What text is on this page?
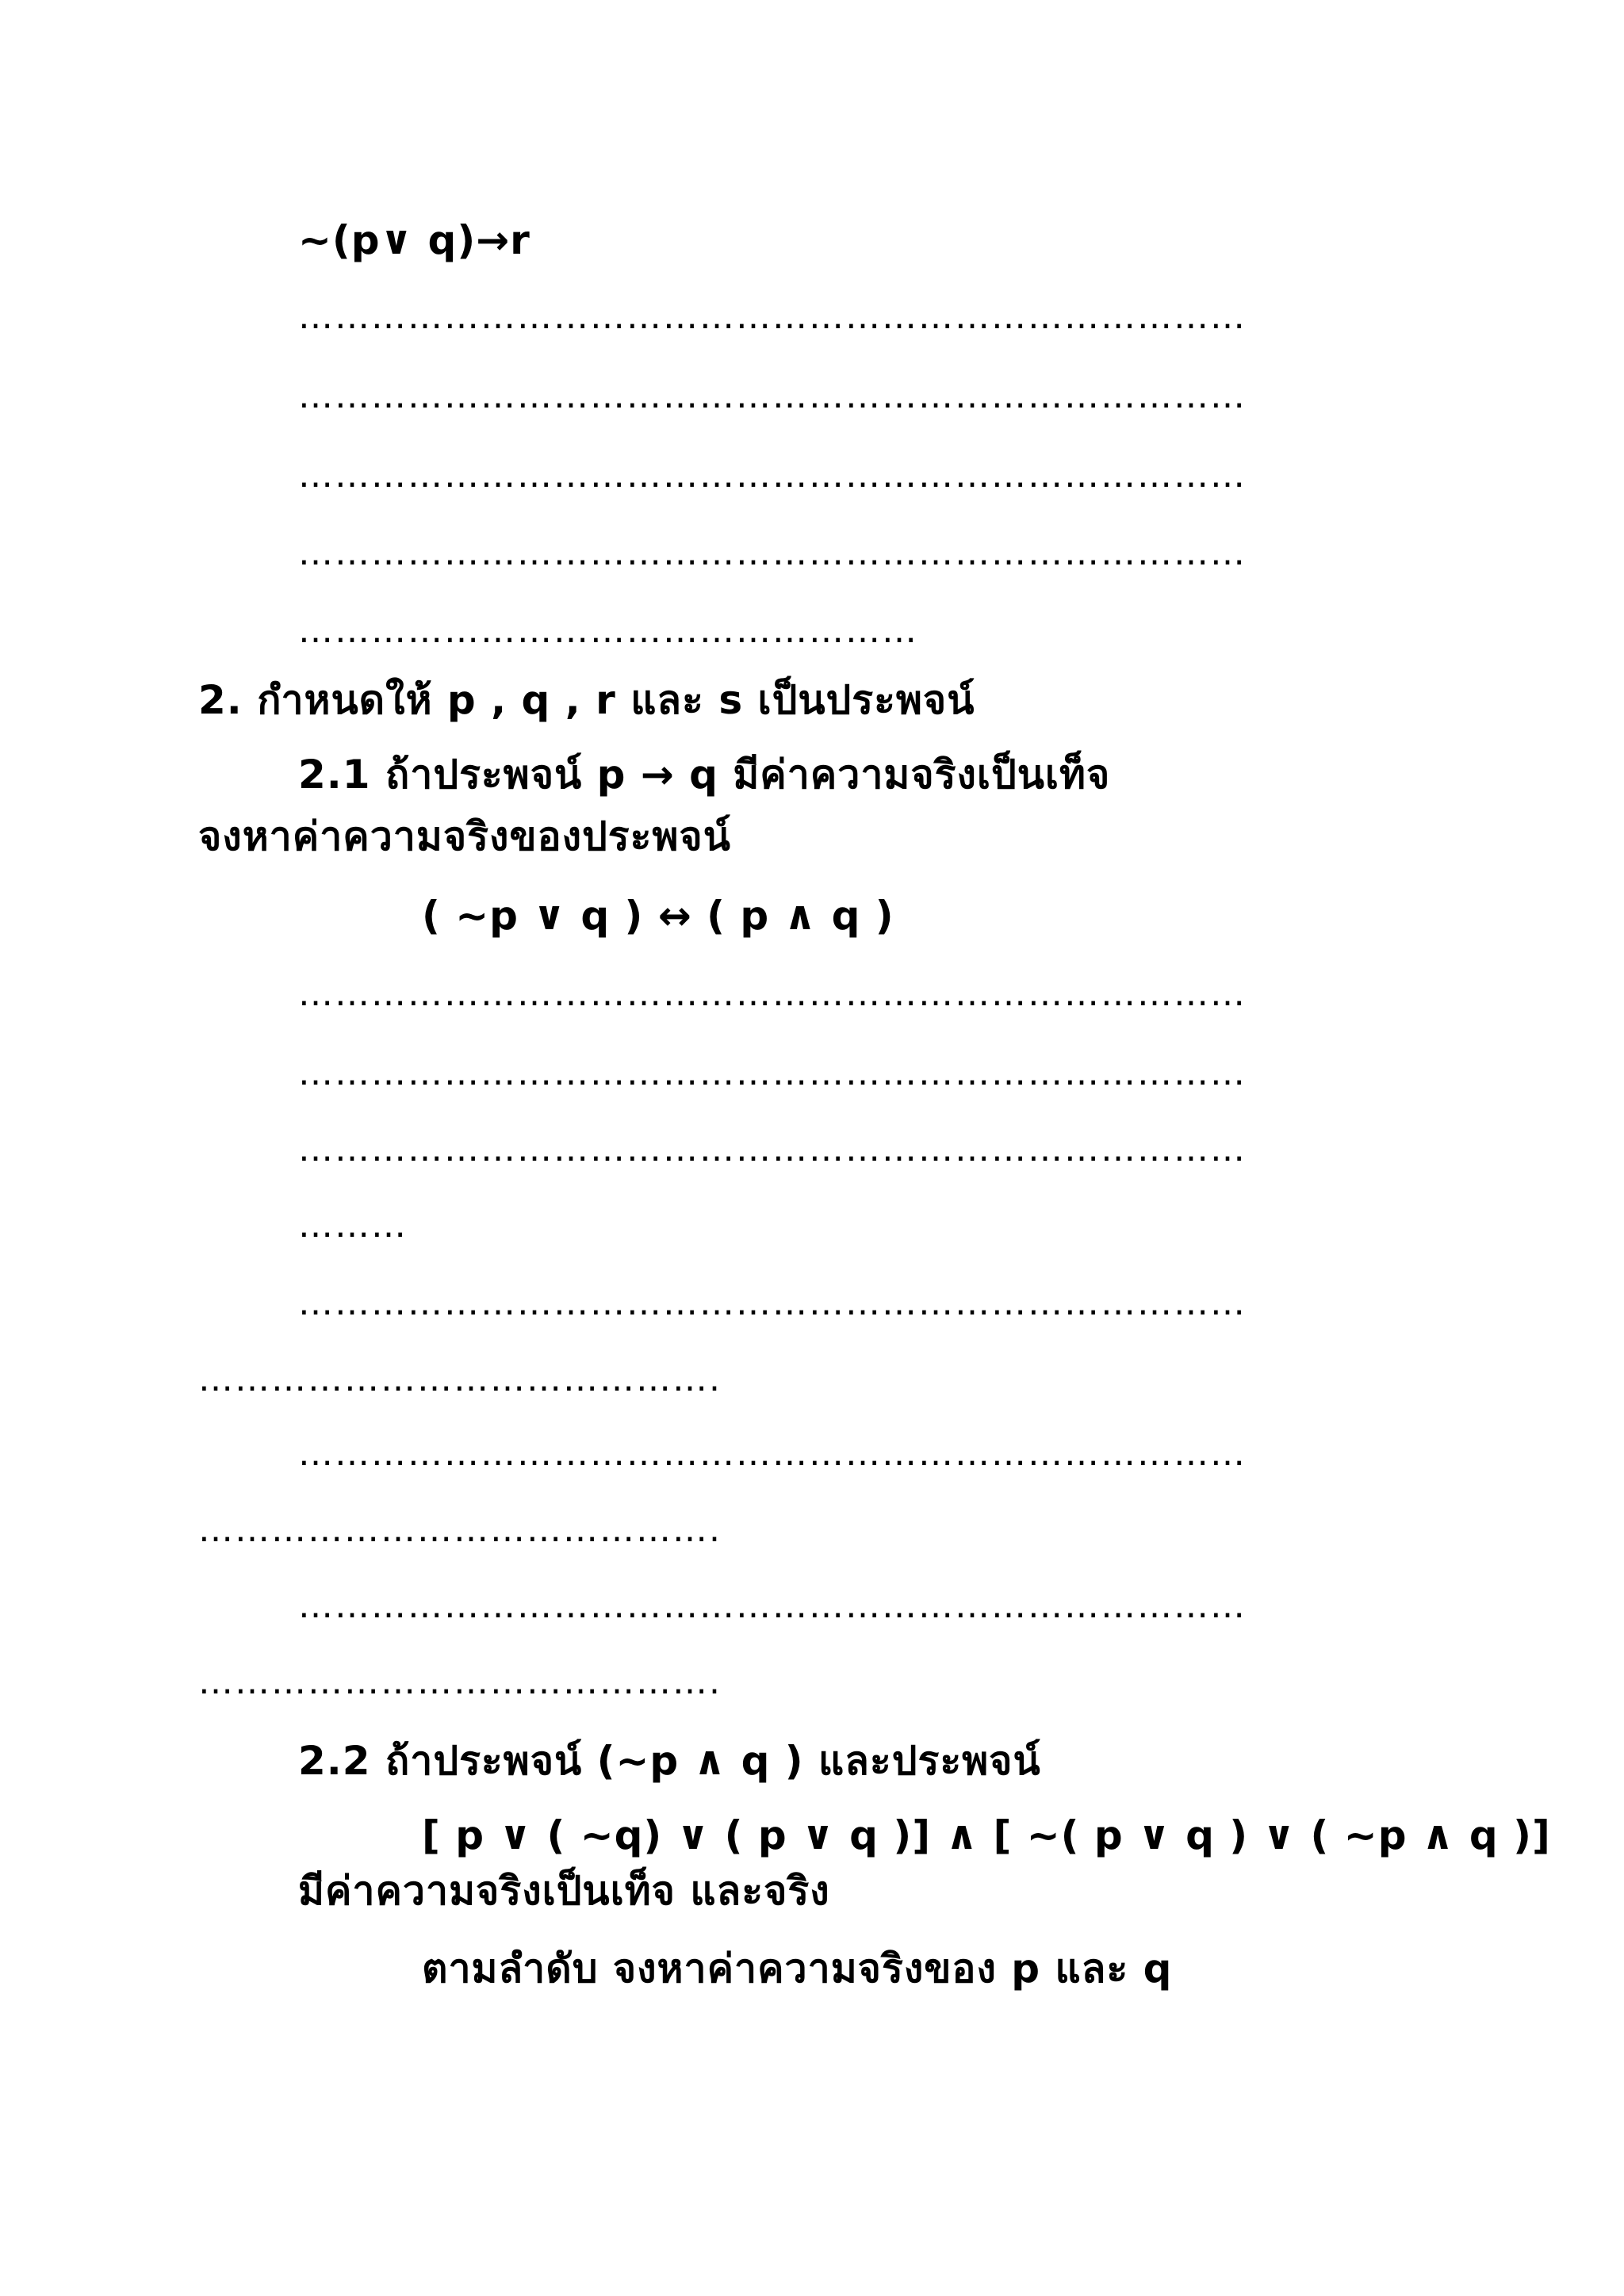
~(p∨ q)→r
……………………………………………………………………
……………………………………………………………………
……………………………………………………………………
……………………………………………………………………
……………………………………………
2. กำหนดให้ p , q , r และ s เป็นประพจน์
2.1 ถ้าประพจน์ p → q มีค่าความจริงเป็นเท็จ
จงหาค่าความจริงของประพจน์
( ~p ∨ q ) ↔ ( p ∧ q )
……………………………………………………………………
……………………………………………………………………
……………………………………………………………………
………
……………………………………………………………………
…………………………………….
……………………………………………………………………
…………………………………….
……………………………………………………………………
…………………………………….
2.2 ถ้าประพจน์ (~p ∧ q ) และประพจน์
[ p ∨ ( ~q) ∨ ( p ∨ q )] ∧ [ ~( p ∨ q ) ∨ ( ~p ∧ q )]
มีค่าความจริงเป็นเท็จ และจริง
ตามลำดับ จงหาค่าความจริงของ p และ q
